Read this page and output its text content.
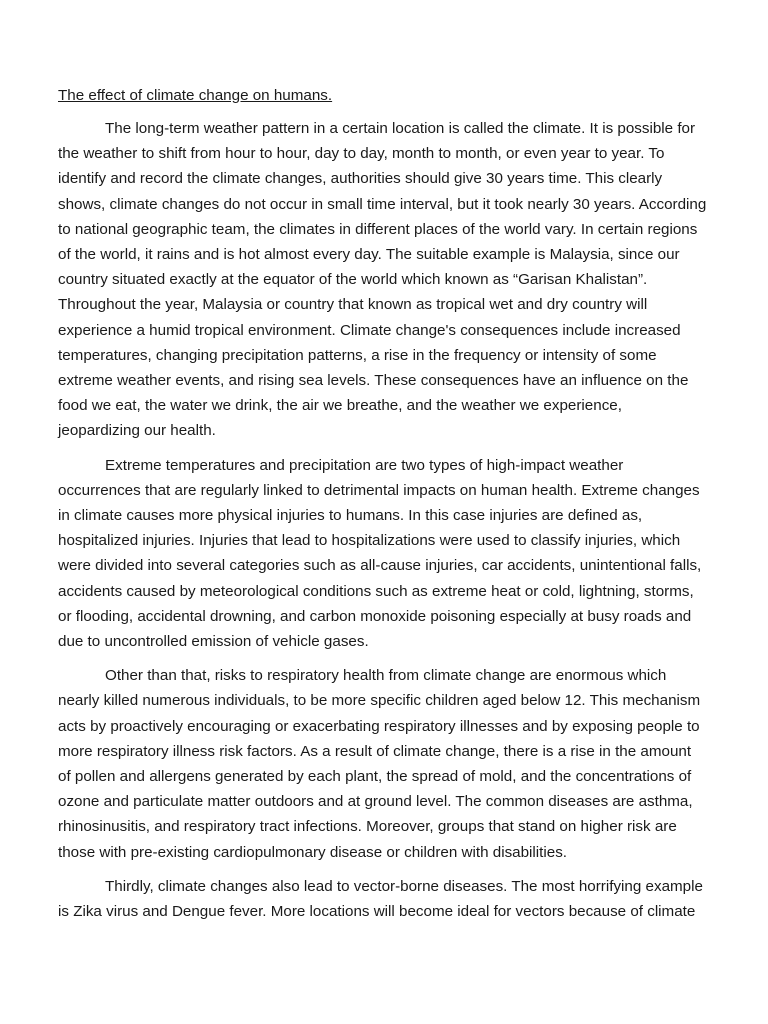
The effect of climate change on humans.
The long-term weather pattern in a certain location is called the climate. It is possible for
the weather to shift from hour to hour, day to day, month to month, or even year to year. To
identify and record the climate changes, authorities should give 30 years time. This clearly
shows, climate changes do not occur in small time interval, but it took nearly 30 years. According
to national geographic team, the climates in different places of the world vary. In certain regions
of the world, it rains and is hot almost every day. The suitable example is Malaysia, since our
country situated exactly at the equator of the world which known as “Garisan Khalistan”.
Throughout the year, Malaysia or country that known as tropical wet and dry country will
experience a humid tropical environment. Climate change's consequences include increased
temperatures, changing precipitation patterns, a rise in the frequency or intensity of some
extreme weather events, and rising sea levels. These consequences have an influence on the
food we eat, the water we drink, the air we breathe, and the weather we experience,
jeopardizing our health.
Extreme temperatures and precipitation are two types of high-impact weather
occurrences that are regularly linked to detrimental impacts on human health. Extreme changes
in climate causes more physical injuries to humans. In this case injuries are defined as,
hospitalized injuries. Injuries that lead to hospitalizations were used to classify injuries, which
were divided into several categories such as all-cause injuries, car accidents, unintentional falls,
accidents caused by meteorological conditions such as extreme heat or cold, lightning, storms,
or flooding, accidental drowning, and carbon monoxide poisoning especially at busy roads and
due to uncontrolled emission of vehicle gases.
Other than that, risks to respiratory health from climate change are enormous which
nearly killed numerous individuals, to be more specific children aged below 12. This mechanism
acts by proactively encouraging or exacerbating respiratory illnesses and by exposing people to
more respiratory illness risk factors. As a result of climate change, there is a rise in the amount
of pollen and allergens generated by each plant, the spread of mold, and the concentrations of
ozone and particulate matter outdoors and at ground level. The common diseases are asthma,
rhinosinusitis, and respiratory tract infections. Moreover, groups that stand on higher risk are
those with pre-existing cardiopulmonary disease or children with disabilities.
Thirdly, climate changes also lead to vector-borne diseases. The most horrifying example
is Zika virus and Dengue fever. More locations will become ideal for vectors because of climate
